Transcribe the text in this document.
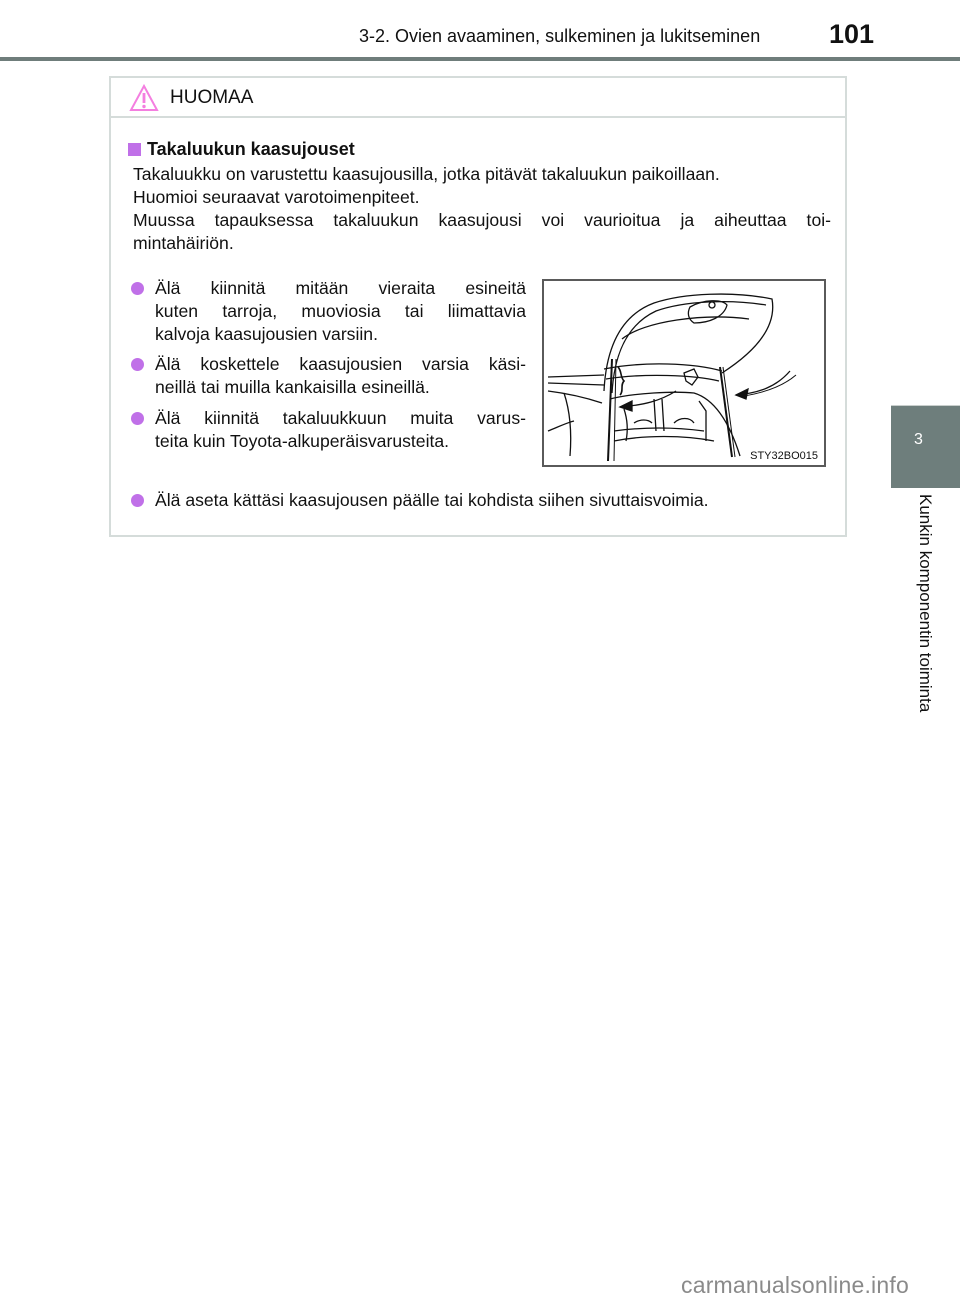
3-2. Ovien avaaminen, sulkeminen ja lukitseminen	101
HUOMAA
Takaluukun kaasujouset
Takaluukku on varustettu kaasujousilla, jotka pitävät takaluukun paikoillaan.
Huomioi seuraavat varotoimenpiteet.
Muussa tapauksessa takaluukun kaasujousi voi vaurioitua ja aiheuttaa toi-
mintahäiriön.
Älä kiinnitä mitään vieraita esineitä
kuten tarroja, muoviosia tai liimattavia
kalvoja kaasujousien varsiin.
Älä koskettele kaasujousien varsia käsi-
neillä tai muilla kankaisilla esineillä.
Älä kiinnitä takaluukkuun muita varus-
teita kuin Toyota-alkuperäisvarusteita.
STY32BO015
Älä aseta kättäsi kaasujousen päälle tai kohdista siihen sivuttaisvoimia.
3
Kunkin komponentin toiminta
carmanualsonline.info
